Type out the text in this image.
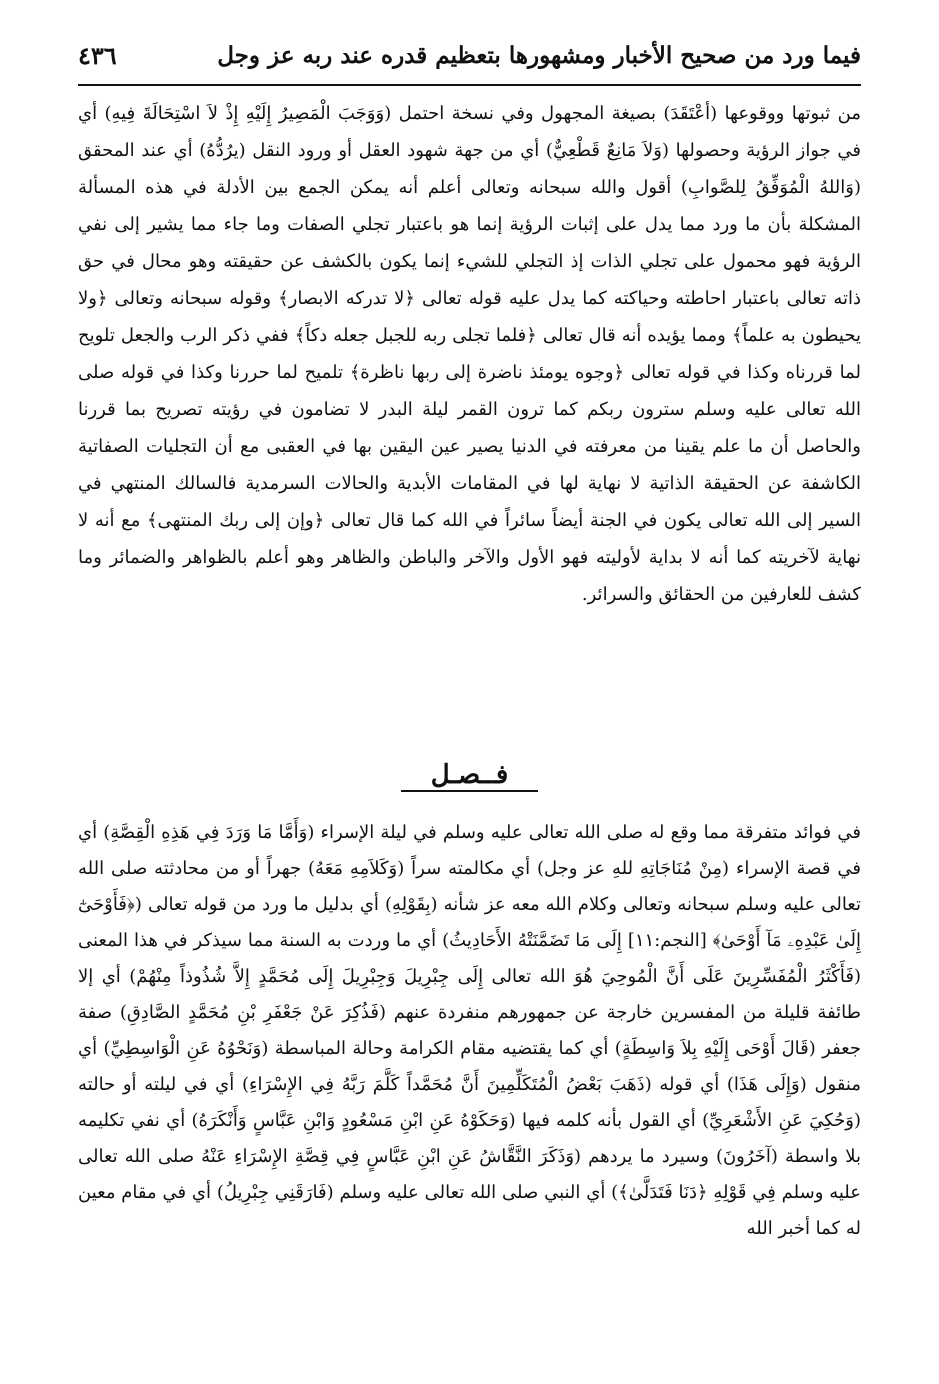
فيما ورد من صحيح الأخبار ومشهورها بتعظيم قدره عند ربه عز وجل
٤٣٦

من ثبوتها ووقوعها (أعْتَقَدَ) بصيغة المجهول وفي نسخة احتمل (وَوَجَبَ الْمَصِيرُ إِلَيْهِ إِذْ لاَ اسْتِحَالَةَ فِيهِ) أي في جواز الرؤية وحصولها (وَلاَ مَانِعٌ قَطْعِيٌّ) أي من جهة شهود العقل أو ورود النقل (يرُدُّهُ) أي عند المحقق (وَاللهُ الْمُوَفِّقُ لِلصَّوابِ) أقول والله سبحانه وتعالى أعلم أنه يمكن الجمع بين الأدلة في هذه المسألة المشكلة بأن ما ورد مما يدل على إثبات الرؤية إنما هو باعتبار تجلي الصفات وما جاء مما يشير إلى نفي الرؤية فهو محمول على تجلي الذات إذ التجلي للشيء إنما يكون بالكشف عن حقيقته وهو محال في حق ذاته تعالى باعتبار احاطته وحياكته كما يدل عليه قوله تعالى ﴿لا تدركه الابصار﴾ وقوله سبحانه وتعالى ﴿ولا يحيطون به علماً﴾ ومما يؤيده أنه قال تعالى ﴿فلما تجلى ربه للجبل جعله دكاً﴾ ففي ذكر الرب والجعل تلويح لما قررناه وكذا في قوله تعالى ﴿وجوه يومئذ ناضرة إلى ربها ناظرة﴾ تلميح لما حررنا وكذا في قوله صلى الله تعالى عليه وسلم سترون ربكم كما ترون القمر ليلة البدر لا تضامون في رؤيته تصريح بما قررنا والحاصل أن ما علم يقينا من معرفته في الدنيا يصير عين اليقين بها في العقبى مع أن التجليات الصفاتية الكاشفة عن الحقيقة الذاتية لا نهاية لها في المقامات الأبدية والحالات السرمدية فالسالك المنتهي في السير إلى الله تعالى يكون في الجنة أيضاً سائراً في الله كما قال تعالى ﴿وإن إلى ربك المنتهى﴾ مع أنه لا نهاية لآخريته كما أنه لا بداية لأوليته فهو الأول والآخر والباطن والظاهر وهو أعلم بالظواهر والضمائر وما كشف للعارفين من الحقائق والسرائر.

فــصـل

في فوائد متفرقة مما وقع له صلى الله تعالى عليه وسلم في ليلة الإسراء (وَأَمَّا مَا وَرَدَ فِي هَذِهِ الْقِصَّةِ) أي في قصة الإسراء (مِنْ مُنَاجَاتِهِ للهِ عز وجل) أي مكالمته سراً (وَكَلاَمِهِ مَعَهُ) جهراً أو من محادثته صلى الله تعالى عليه وسلم سبحانه وتعالى وكلام الله معه عز شأنه (بِقَوْلِهِ) أي بدليل ما ورد من قوله تعالى (﴿فَأَوْحَىٰٓ إِلَىٰ عَبْدِهِۦ مَآ أَوْحَىٰ﴾ [النجم:١١] إِلَى مَا تَضَمَّنَتْهُ الأَحَادِيثُ) أي ما وردت به السنة مما سيذكر في هذا المعنى (فَأَكْثَرُ الْمُفَسِّرِينَ عَلَى أَنَّ الْمُوحِيَ هُوَ الله تعالى إِلَى جِبْرِيلَ وَجِبْرِيلَ إِلَى مُحَمَّدٍ إِلاَّ شُذُوذاً مِنْهُمْ) أي إلا طائفة قليلة من المفسرين خارجة عن جمهورهم منفردة عنهم (فَذُكِرَ عَنْ جَعْفَرِ بْنِ مُحَمَّدٍ الصَّادِقِ) صفة جعفر (قَالَ أَوْحَى إِلَيْهِ بِلاَ وَاسِطَةٍ) أي كما يقتضيه مقام الكرامة وحالة المباسطة (وَنَحْوُهُ عَنِ الْوَاسِطِيِّ) أي منقول (وَإِلَى هَذَا) أي قوله (ذَهَبَ بَعْضُ الْمُتَكَلِّمِينَ أَنَّ مُحَمَّداً كَلَّمَ رَبَّهُ فِي الإِسْرَاءِ) أي في ليلته أو حالته (وَحُكِيَ عَنِ الأَشْعَرِيِّ) أي القول بأنه كلمه فيها (وَحَكَوْهُ عَنِ ابْنِ مَسْعُودٍ وَابْنِ عَبَّاسٍ وَأَنْكَرَهُ) أي نفي تكليمه بلا واسطة (آخَرُونَ) وسيرد ما يردهم (وَذَكَرَ النَّقَّاشُ عَنِ ابْنِ عَبَّاسٍ فِي قِصَّةِ الإِسْرَاءِ عَنْهُ صلى الله تعالى عليه وسلم فِي قَوْلِهِ ﴿دَنَا فَتَدَلَّىٰ﴾) أي النبي صلى الله تعالى عليه وسلم (فَارَقَنِي جِبْرِيلُ) أي في مقام معين له كما أخبر الله
